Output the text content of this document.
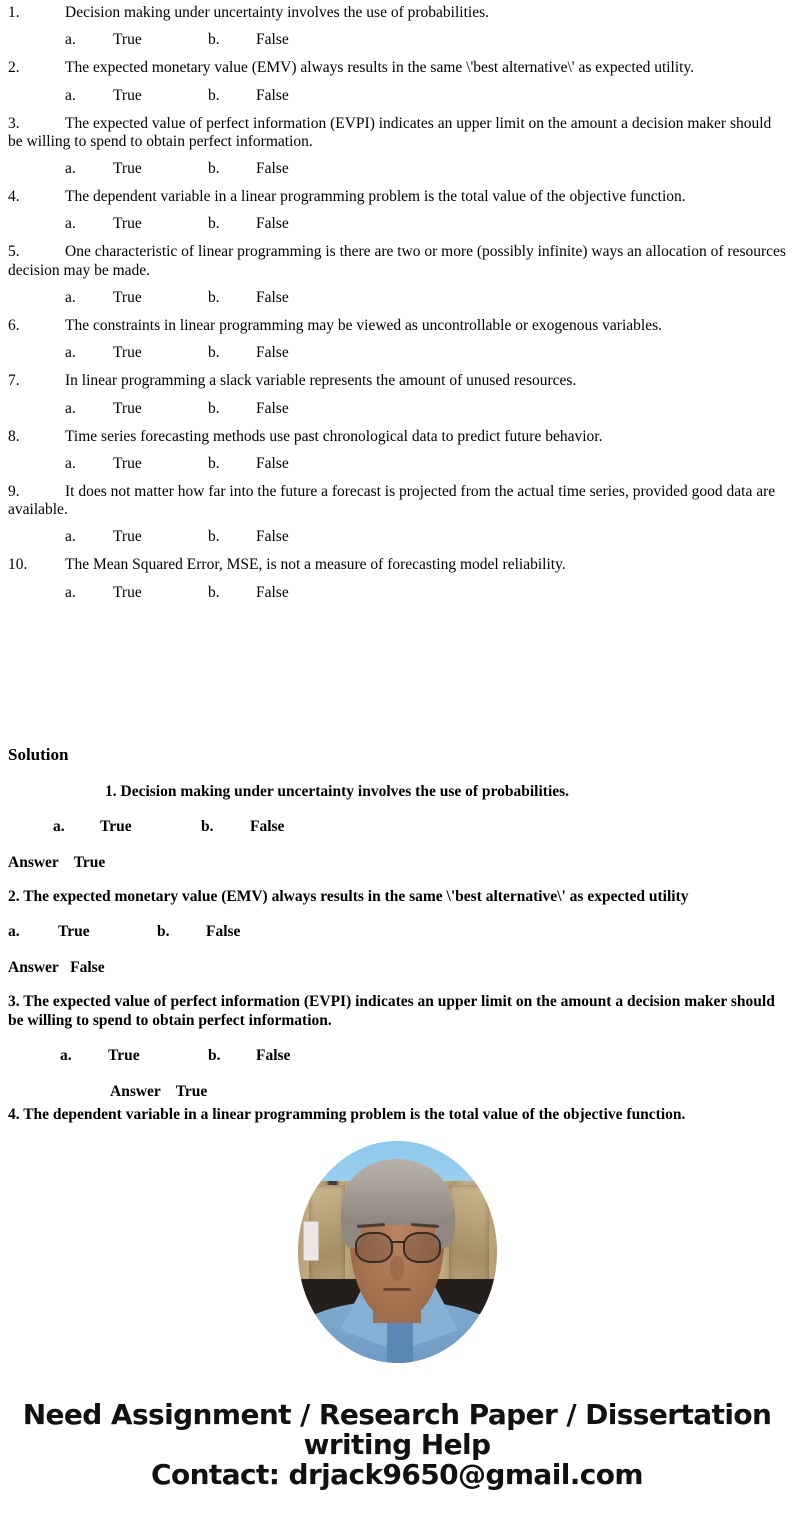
1.	Decision making under uncertainty involves the use of probabilities.
a. True	b. False
2.	The expected monetary value (EMV) always results in the same \'best alternative\' as expected utility.
a. True	b. False
3.	The expected value of perfect information (EVPI) indicates an upper limit on the amount a decision maker should be willing to spend to obtain perfect information.
a. True	b. False
4.	The dependent variable in a linear programming problem is the total value of the objective function.
a. True	b. False
5.	One characteristic of linear programming is there are two or more (possibly infinite) ways an allocation of resources decision may be made.
a. True	b. False
6.	The constraints in linear programming may be viewed as uncontrollable or exogenous variables.
a. True	b. False
7.	In linear programming a slack variable represents the amount of unused resources.
a. True	b. False
8.	Time series forecasting methods use past chronological data to predict future behavior.
a. True	b. False
9.	It does not matter how far into the future a forecast is projected from the actual time series, provided good data are available.
a. True	b. False
10.	The Mean Squared Error, MSE, is not a measure of forecasting model reliability.
a. True	b. False
Solution
1. Decision making under uncertainty involves the use of probabilities.
a. True	b. False
Answer    True
2. The expected monetary value (EMV) always results in the same \'best alternative\' as expected utility
a. True	b. False
Answer   False
3. The expected value of perfect information (EVPI) indicates an upper limit on the amount a decision maker should be willing to spend to obtain perfect information.
a. True	b. False
Answer    True
4. The dependent variable in a linear programming problem is the total value of the objective function.
Need Assignment / Research Paper / Dissertation
writing Help
Contact: drjack9650@gmail.com
